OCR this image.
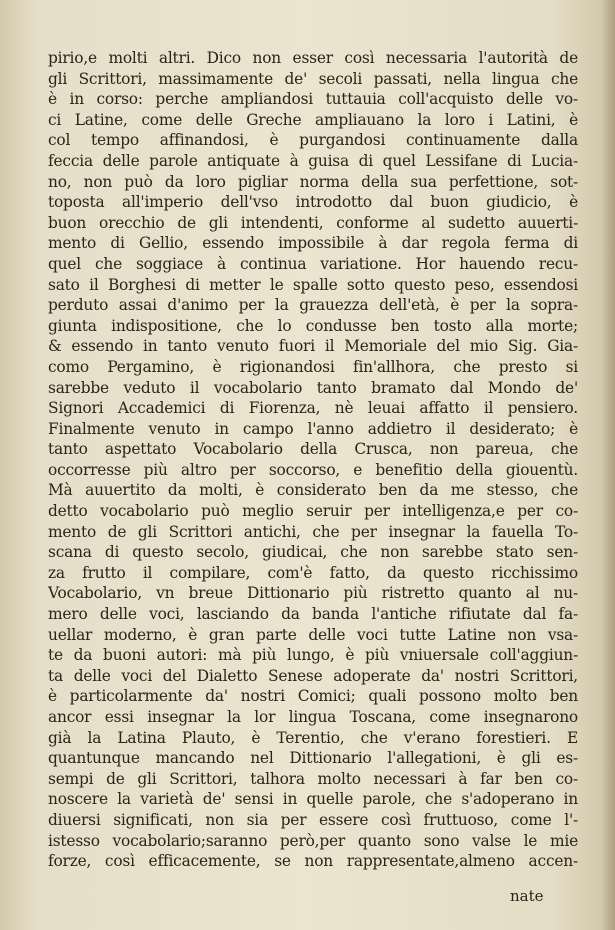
pirio,e molti altri. Dico non esser così necessaria l'autorità de
gli Scrittori, massimamente de' secoli passati, nella lingua che
è in corso: perche ampliandosi tuttauia coll'acquisto delle vo-
ci Latine, come delle Greche ampliauano la loro i Latini, è
col tempo affinandosi, è purgandosi continuamente dalla
feccia delle parole antiquate à guisa di quel Lessifane di Lucia-
no, non può da loro pigliar norma della sua perfettione, sot-
toposta all'imperio dell'vso introdotto dal buon giudicio, è
buon orecchio de gli intendenti, conforme al sudetto auuerti-
mento di Gellio, essendo impossibile à dar regola ferma di
quel che soggiace à continua variatione. Hor hauendo recu-
sato il Borghesi di metter le spalle sotto questo peso, essendosi
perduto assai d'animo per la grauezza dell'età, è per la sopra-
giunta indispositione, che lo condusse ben tosto alla morte;
& essendo in tanto venuto fuori il Memoriale del mio Sig. Gia-
como Pergamino, è rigionandosi fin'allhora, che presto si
sarebbe veduto il vocabolario tanto bramato dal Mondo de'
Signori Accademici di Fiorenza, nè leuai affatto il pensiero.
Finalmente venuto in campo l'anno addietro il desiderato; è
tanto aspettato Vocabolario della Crusca, non pareua, che
occorresse più altro per soccorso, e benefitio della giouentù.
Mà auuertito da molti, è considerato ben da me stesso, che
detto vocabolario può meglio seruir per intelligenza,e per co-
mento de gli Scrittori antichi, che per insegnar la fauella To-
scana di questo secolo, giudicai, che non sarebbe stato sen-
za frutto il compilare, com'è fatto, da questo ricchissimo
Vocabolario, vn breue Dittionario più ristretto quanto al nu-
mero delle voci, lasciando da banda l'antiche rifiutate dal fa-
uellar moderno, è gran parte delle voci tutte Latine non vsa-
te da buoni autori: mà più lungo, è più vniuersale coll'aggiun-
ta delle voci del Dialetto Senese adoperate da' nostri Scrittori,
è particolarmente da' nostri Comici; quali possono molto ben
ancor essi insegnar la lor lingua Toscana, come insegnarono
già la Latina Plauto, è Terentio, che v'erano forestieri. E
quantunque mancando nel Dittionario l'allegationi, è gli es-
sempi de gli Scrittori, talhora molto necessari à far ben co-
noscere la varietà de' sensi in quelle parole, che s'adoperano in
diuersi significati, non sia per essere così fruttuoso, come l'-
istesso vocabolario;saranno però,per quanto sono valse le mie
forze, così efficacemente, se non rappresentate,almeno accen-
nate
